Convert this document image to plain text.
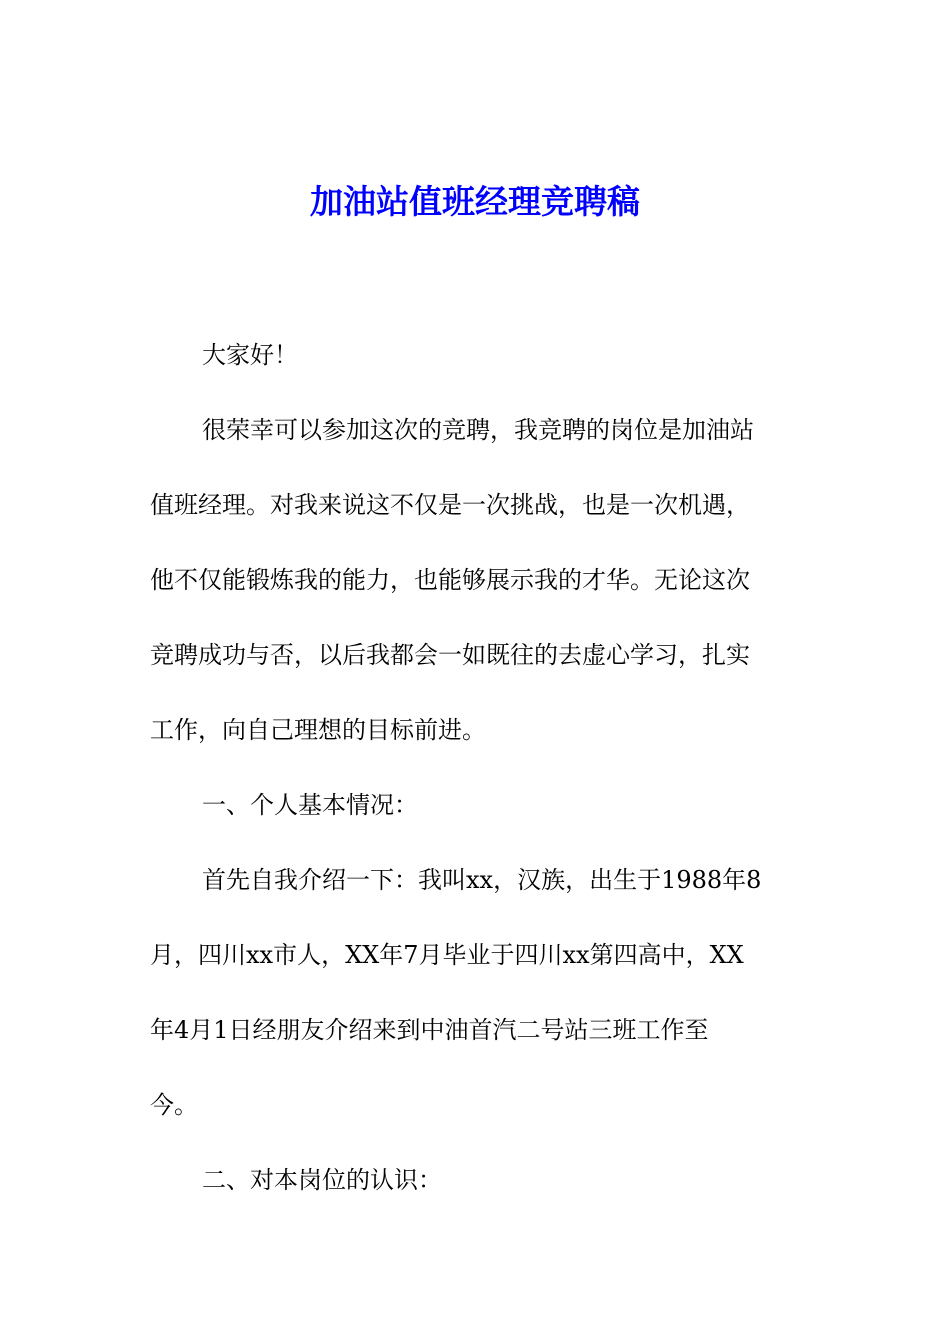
加油站值班经理竞聘稿

大家好！

很荣幸可以参加这次的竞聘，我竞聘的岗位是加油站
值班经理。对我来说这不仅是一次挑战，也是一次机遇，
他不仅能锻炼我的能力，也能够展示我的才华。无论这次
竞聘成功与否，以后我都会一如既往的去虚心学习，扎实
工作，向自己理想的目标前进。

一、个人基本情况：

首先自我介绍一下：我叫xx，汉族，出生于1988年8
月，四川xx市人，XX年7月毕业于四川xx第四高中，XX
年4月1日经朋友介绍来到中油首汽二号站三班工作至
今。

二、对本岗位的认识：
